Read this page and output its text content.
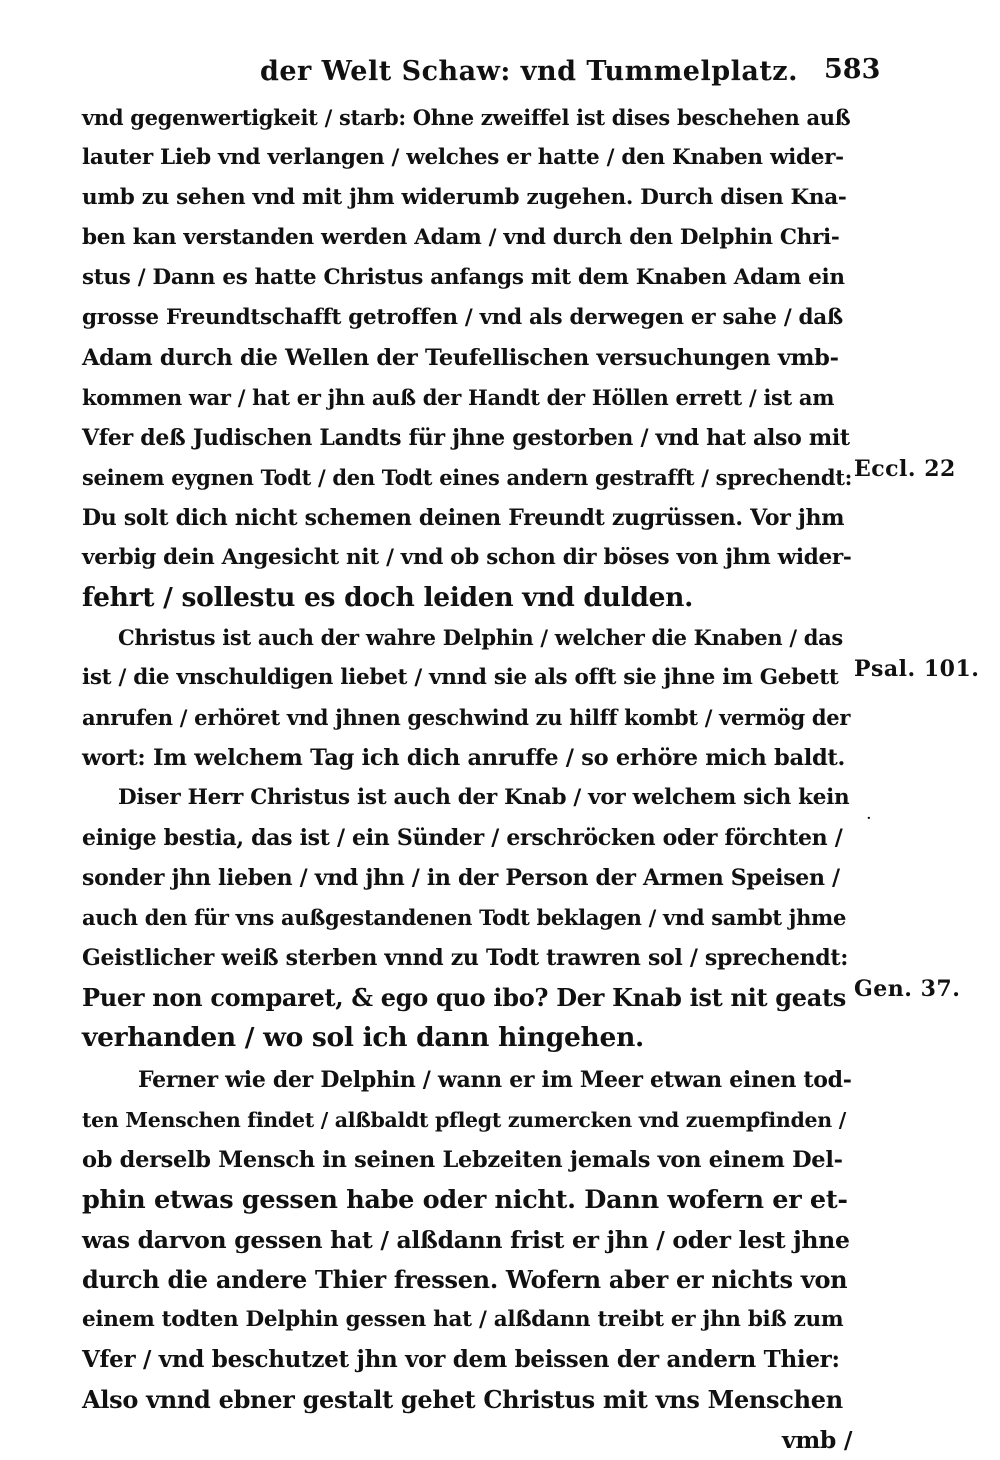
der Welt Schaw: vnd Tummelplatz. 583
vnd gegenwertigkeit / starb: Ohne zweiffel ist dises beschehen auß
lauter Lieb vnd verlangen / welches er hatte / den Knaben wider-
umb zu sehen vnd mit jhm widerumb zugehen. Durch disen Kna-
ben kan verstanden werden Adam / vnd durch den Delphin Chri-
stus / Dann es hatte Christus anfangs mit dem Knaben Adam ein
grosse Freundtschafft getroffen / vnd als derwegen er sahe / daß
Adam durch die Wellen der Teufellischen versuchungen vmb-
kommen war / hat er jhn auß der Handt der Höllen errett / ist am
Vfer deß Judischen Landts für jhne gestorben / vnd hat also mit
seinem eygnen Todt / den Todt eines andern gestrafft / sprechendt:
Du solt dich nicht schemen deinen Freundt zugrüssen. Vor jhm
verbig dein Angesicht nit / vnd ob schon dir böses von jhm wider-
fehrt / sollestu es doch leiden vnd dulden.
Christus ist auch der wahre Delphin / welcher die Knaben / das
ist / die vnschuldigen liebet / vnnd sie als offt sie jhne im Gebett
anrufen / erhöret vnd jhnen geschwind zu hilff kombt / vermög der
wort: Im welchem Tag ich dich anruffe / so erhöre mich baldt.
Diser Herr Christus ist auch der Knab / vor welchem sich kein
einige bestia, das ist / ein Sünder / erschröcken oder förchten /
sonder jhn lieben / vnd jhn / in der Person der Armen Speisen /
auch den für vns außgestandenen Todt beklagen / vnd sambt jhme
Geistlicher weiß sterben vnnd zu Todt trawren sol / sprechendt:
Puer non comparet, & ego quo ibo? Der Knab ist nit geats
verhanden / wo sol ich dann hingehen.
Ferner wie der Delphin / wann er im Meer etwan einen tod-
ten Menschen findet / alßbaldt pflegt zumercken vnd zuempfinden /
ob derselb Mensch in seinen Lebzeiten jemals von einem Del-
phin etwas gessen habe oder nicht. Dann wofern er et-
was darvon gessen hat / alßdann frist er jhn / oder lest jhne
durch die andere Thier fressen. Wofern aber er nichts von
einem todten Delphin gessen hat / alßdann treibt er jhn biß zum
Vfer / vnd beschutzet jhn vor dem beissen der andern Thier:
Also vnnd ebner gestalt gehet Christus mit vns Menschen
vmb /
Eccl. 22
Psal. 101.
Gen. 37.
·
